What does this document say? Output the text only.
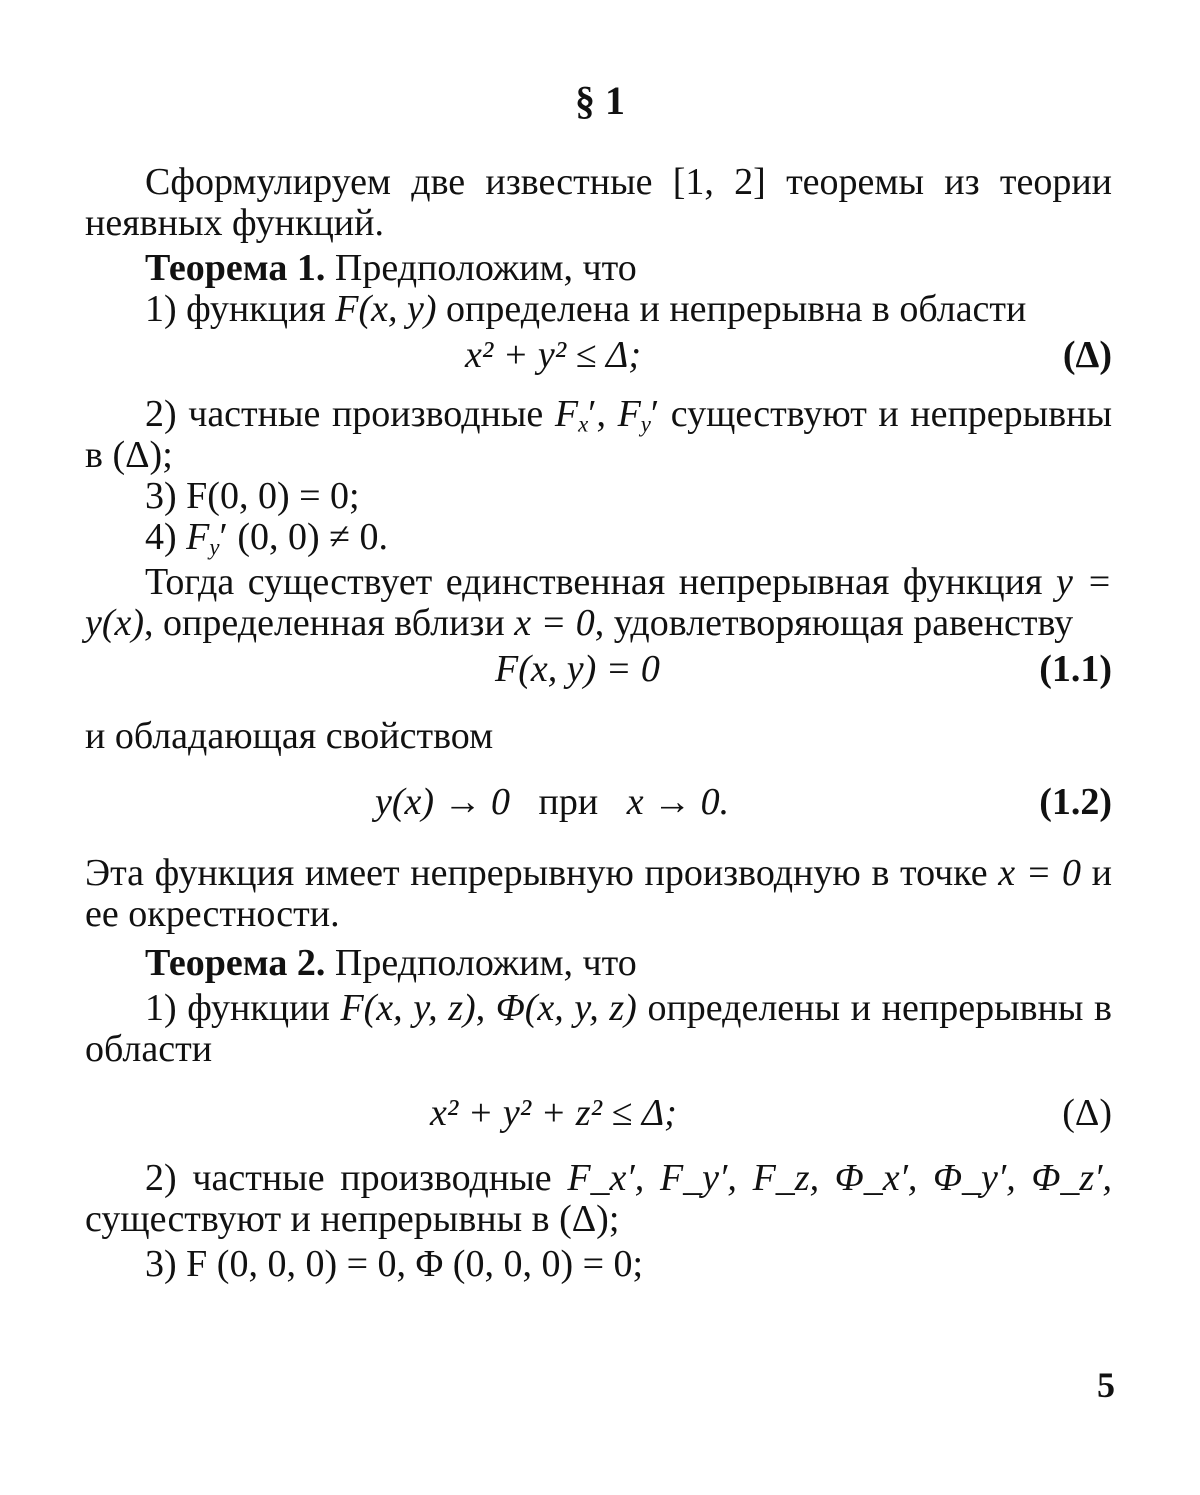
§ 1

Сформулируем две известные [1, 2] теоремы из теории неявных функций.

Теорема 1. Предположим, что

1) функция F(x, y) определена и непрерывна в области

x² + y² ≤ Δ;	(Δ)

2) частные производные $F_x'$, $F_y'$ существуют и непрерывны в (Δ);

3) F(0, 0) = 0;

4) $F_y'$ (0, 0) ≠ 0.

Тогда существует единственная непрерывная функция y = y(x), определенная вблизи x = 0, удовлетворяющая равенству

F(x, y) = 0	(1.1)

и обладающая свойством

y(x) → 0 при x → 0.	(1.2)

Эта функция имеет непрерывную производную в точке x = 0 и ее окрестности.

Теорема 2. Предположим, что

1) функции F(x, y, z), Φ(x, y, z) определены и непрерывны в области

x² + y² + z² ≤ Δ;	(Δ)

2) частные производные F_x′, F_y′, F_z, Φ_x′, Φ_y′, Φ_z′, существуют и непрерывны в (Δ);

3) F (0, 0, 0) = 0, Φ (0, 0, 0) = 0;

5
